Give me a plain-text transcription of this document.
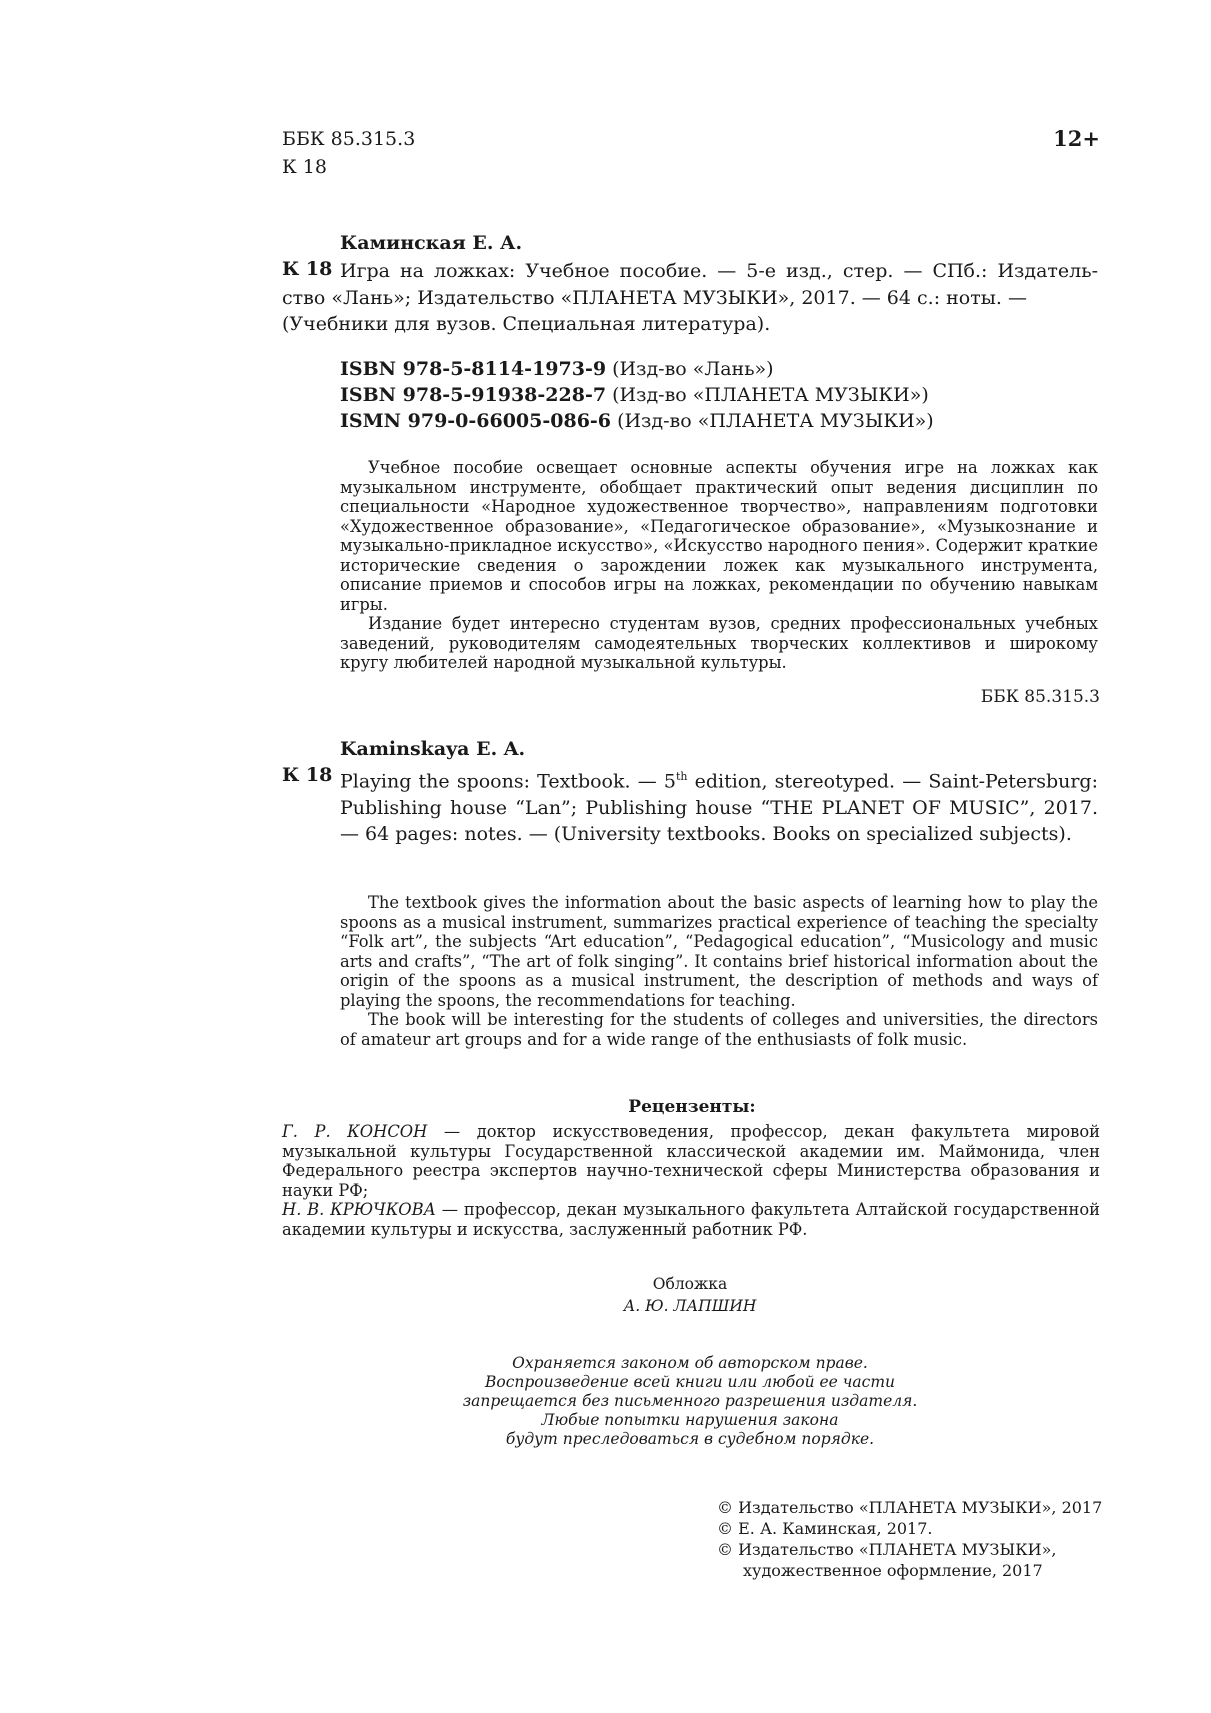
ББК 85.315.3
К 18
12+
Каминская Е. А.
К 18 Игра на ложках: Учебное пособие. — 5-е изд., стер. — СПб.: Издатель-
ство «Лань»; Издательство «ПЛАНЕТА МУЗЫКИ», 2017. — 64 с.: ноты. —
(Учебники для вузов. Специальная литература).
ISBN 978-5-8114-1973-9 (Изд-во «Лань»)
ISBN 978-5-91938-228-7 (Изд-во «ПЛАНЕТА МУЗЫКИ»)
ISMN 979-0-66005-086-6 (Изд-во «ПЛАНЕТА МУЗЫКИ»)

Учебное пособие освещает основные аспекты обучения игре на ложках как музыкальном инструменте, обобщает практический опыт ведения дисциплин по специальности «Народное художественное творчество», направлениям подготовки «Художественное образование», «Педагогическое образование», «Музыкознание и музыкально-прикладное искусство», «Искусство народного пения». Содержит краткие исторические сведения о зарождении ложек как музыкального инструмента, описание приемов и способов игры на ложках, рекомендации по обучению навыкам игры.

Издание будет интересно студентам вузов, средних профессиональных учебных заведений, руководителям самодеятельных творческих коллективов и широкому кругу любителей народной музыкальной культуры.

ББК 85.315.3
Kaminskaya E. A.
К 18 Playing the spoons: Textbook. — 5th edition, stereotyped. — Saint-Petersburg: Publishing house “Lan”; Publishing house “THE PLANET OF MUSIC”, 2017. — 64 pages: notes. — (University textbooks. Books on specialized subjects).

The textbook gives the information about the basic aspects of learning how to play the spoons as a musical instrument, summarizes practical experience of teaching the specialty “Folk art”, the subjects “Art education”, “Pedagogical education”, “Musicology and music arts and crafts”, “The art of folk singing”. It contains brief historical information about the origin of the spoons as a musical instrument, the description of methods and ways of playing the spoons, the recommendations for teaching.

The book will be interesting for the students of colleges and universities, the directors of amateur art groups and for a wide range of the enthusiasts of folk music.

Рецензенты:

Г. Р. КОНСОН — доктор искусствоведения, профессор, декан факультета мировой музыкальной культуры Государственной классической академии им. Маймонида, член Федерального реестра экспертов научно-технической сферы Министерства образования и науки РФ;

Н. В. КРЮЧКОВА — профессор, декан музыкального факультета Алтайской государственной академии культуры и искусства, заслуженный работник РФ.

Обложка
А. Ю. ЛАПШИН
Охраняется законом об авторском праве.
Воспроизведение всей книги или любой ее части
запрещается без письменного разрешения издателя.
Любые попытки нарушения закона
будут преследоваться в судебном порядке.
© Издательство «ПЛАНЕТА МУЗЫКИ», 2017
© Е. А. Каминская, 2017.
© Издательство «ПЛАНЕТА МУЗЫКИ»,
художественное оформление, 2017
